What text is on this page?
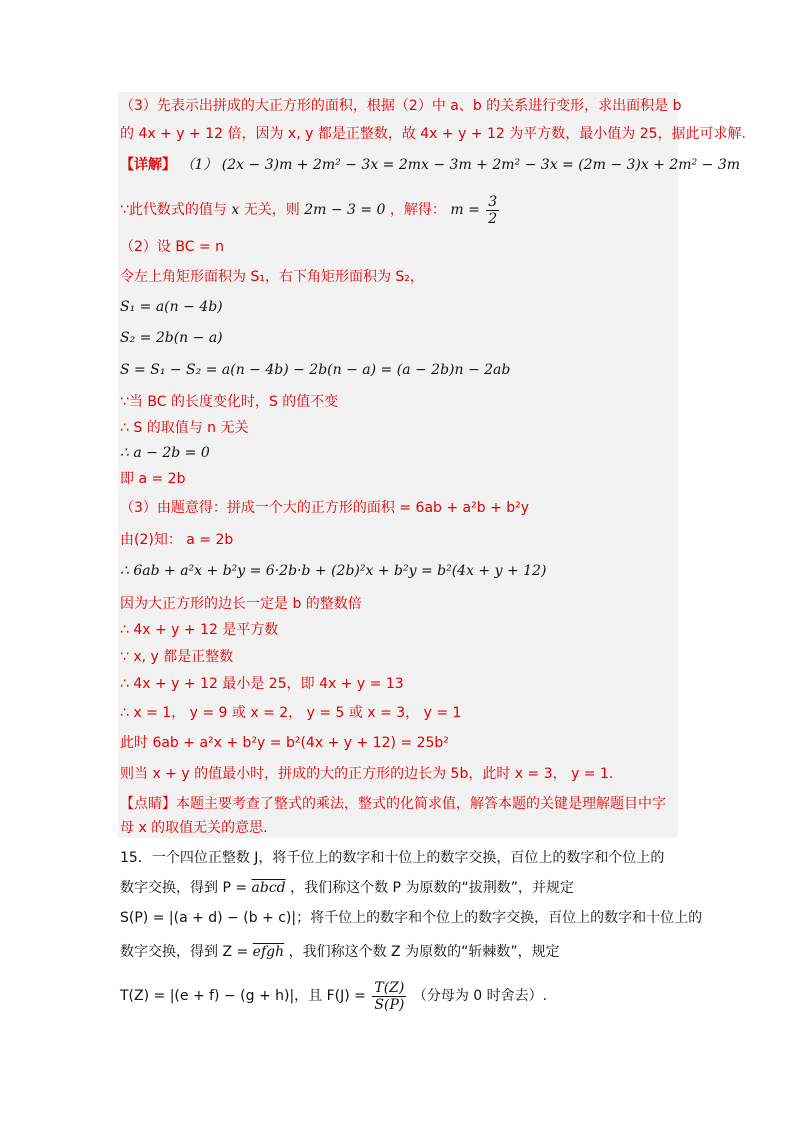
（3）先表示出拼成的大正方形的面积，根据（2）中 a、b 的关系进行变形，求出面积是 b
的 4x + y + 12 倍，因为 x, y 都是正整数，故 4x + y + 12 为平方数，最小值为 25，据此可求解.
【详解】 （1） (2x − 3)m + 2m² − 3x = 2mx − 3m + 2m² − 3x = (2m − 3)x + 2m² − 3m
∵此代数式的值与 x 无关，则 2m − 3 = 0 ，解得： $m = \frac{3}{2}$
（2）设 BC = n
令左上角矩形面积为 S₁，右下角矩形面积为 S₂，
S₁ = a(n − 4b)
S₂ = 2b(n − a)
S = S₁ − S₂ = a(n − 4b) − 2b(n − a) = (a − 2b)n − 2ab
∵当 BC 的长度变化时，S 的值不变
∴ S 的取值与 n 无关
∴ a − 2b = 0
即 a = 2b
（3）由题意得：拼成一个大的正方形的面积 = 6ab + a²b + b²y
由(2)知： a = 2b
∴ 6ab + a²x + b²y = 6·2b·b + (2b)²x + b²y = b²(4x + y + 12)
因为大正方形的边长一定是 b 的整数倍
∴ 4x + y + 12 是平方数
∵ x, y 都是正整数
∴ 4x + y + 12 最小是 25，即 4x + y = 13
∴ x = 1， y = 9 或 x = 2， y = 5 或 x = 3， y = 1
此时 6ab + a²x + b²y = b²(4x + y + 12) = 25b²
则当 x + y 的值最小时，拼成的大的正方形的边长为 5b，此时 x = 3， y = 1.
【点睛】本题主要考查了整式的乘法，整式的化简求值，解答本题的关键是理解题目中字
母 x 的取值无关的意思.
15．一个四位正整数 J，将千位上的数字和十位上的数字交换，百位上的数字和个位上的
数字交换，得到 P = abcd ，我们称这个数 P 为原数的“拔荆数”，并规定
S(P) = |(a + d) − (b + c)|；将千位上的数字和个位上的数字交换，百位上的数字和十位上的
数字交换，得到 Z = efgh ，我们称这个数 Z 为原数的“斩棘数”，规定
T(Z) = |(e + f) − (g + h)|，且 $F(J) = \frac{T(Z)}{S(P)}$ （分母为 0 时舍去）.
